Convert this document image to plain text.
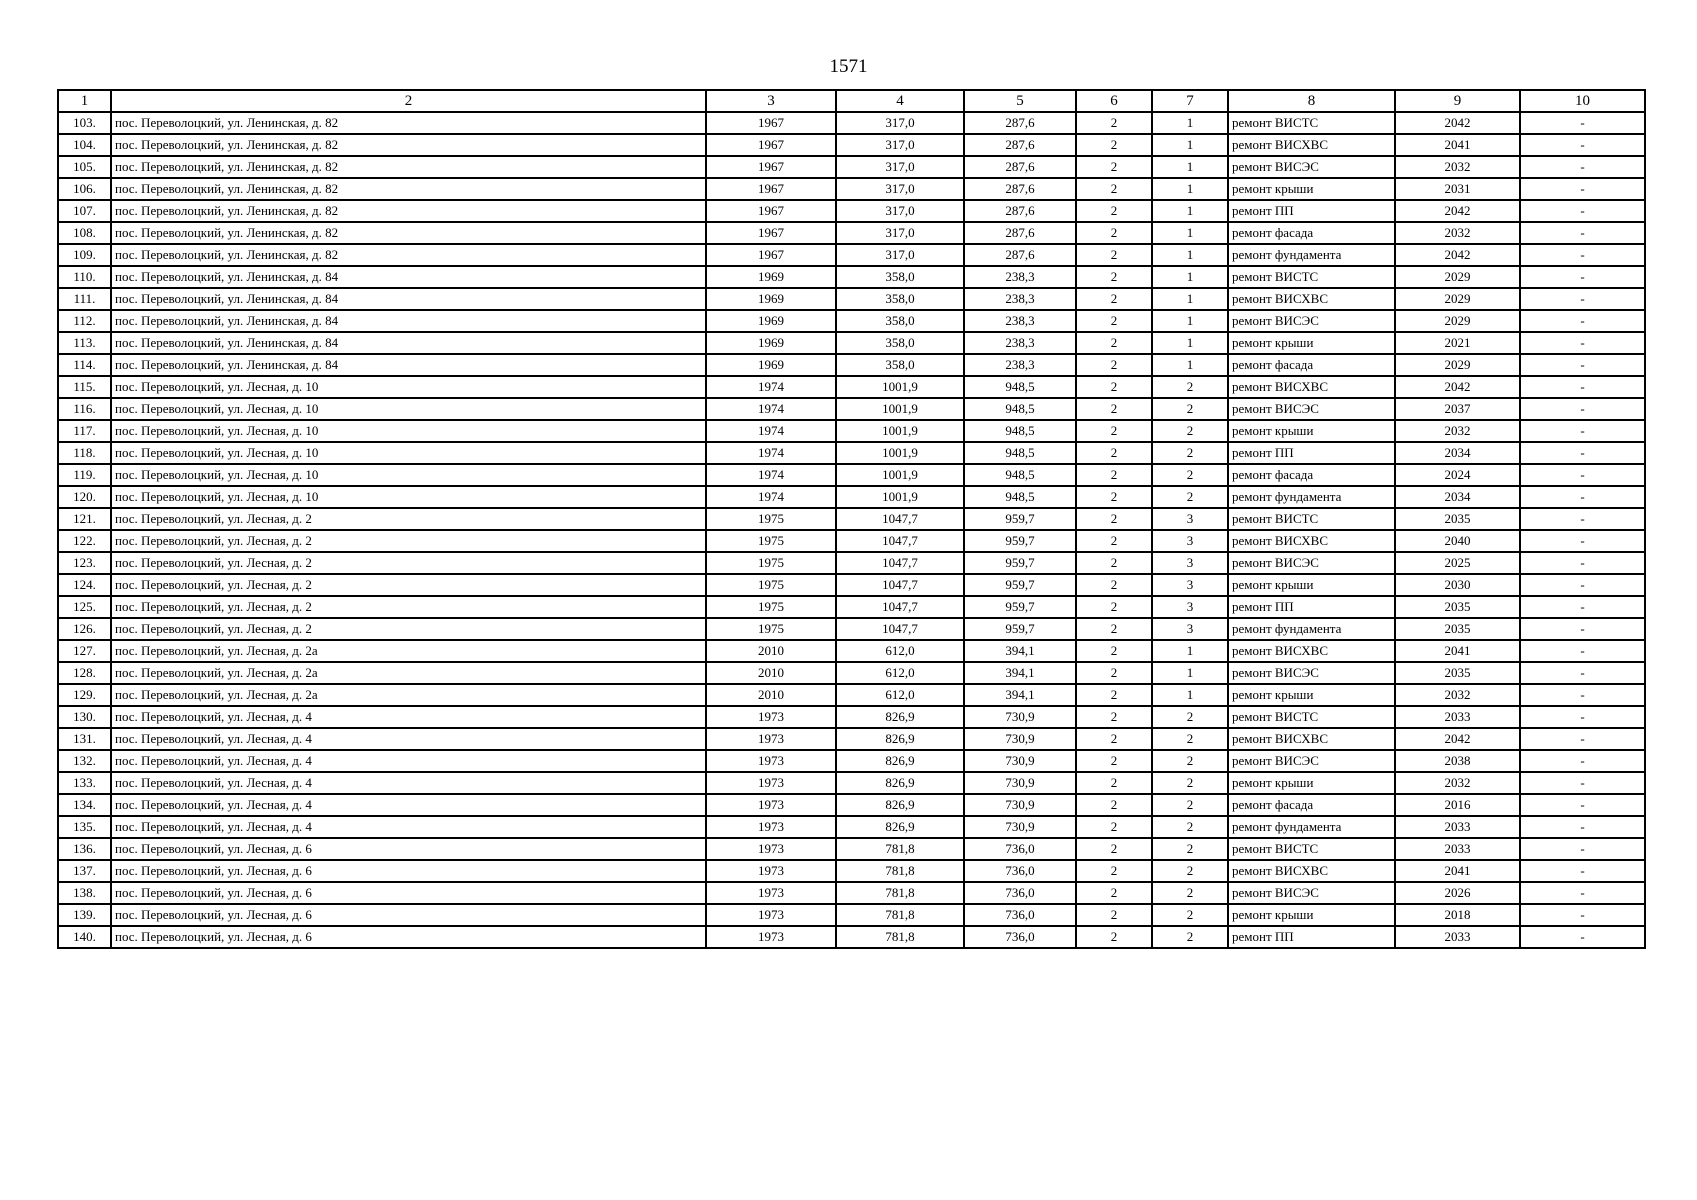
1571
1	2	3	4	5	6	7	8	9	10
103.	пос. Переволоцкий, ул. Ленинская, д. 82	1967	317,0	287,6	2	1	ремонт ВИСТС	2042	-
104.	пос. Переволоцкий, ул. Ленинская, д. 82	1967	317,0	287,6	2	1	ремонт ВИСХВС	2041	-
105.	пос. Переволоцкий, ул. Ленинская, д. 82	1967	317,0	287,6	2	1	ремонт ВИСЭС	2032	-
106.	пос. Переволоцкий, ул. Ленинская, д. 82	1967	317,0	287,6	2	1	ремонт крыши	2031	-
107.	пос. Переволоцкий, ул. Ленинская, д. 82	1967	317,0	287,6	2	1	ремонт ПП	2042	-
108.	пос. Переволоцкий, ул. Ленинская, д. 82	1967	317,0	287,6	2	1	ремонт фасада	2032	-
109.	пос. Переволоцкий, ул. Ленинская, д. 82	1967	317,0	287,6	2	1	ремонт фундамента	2042	-
110.	пос. Переволоцкий, ул. Ленинская, д. 84	1969	358,0	238,3	2	1	ремонт ВИСТС	2029	-
111.	пос. Переволоцкий, ул. Ленинская, д. 84	1969	358,0	238,3	2	1	ремонт ВИСХВС	2029	-
112.	пос. Переволоцкий, ул. Ленинская, д. 84	1969	358,0	238,3	2	1	ремонт ВИСЭС	2029	-
113.	пос. Переволоцкий, ул. Ленинская, д. 84	1969	358,0	238,3	2	1	ремонт крыши	2021	-
114.	пос. Переволоцкий, ул. Ленинская, д. 84	1969	358,0	238,3	2	1	ремонт фасада	2029	-
115.	пос. Переволоцкий, ул. Лесная, д. 10	1974	1001,9	948,5	2	2	ремонт ВИСХВС	2042	-
116.	пос. Переволоцкий, ул. Лесная, д. 10	1974	1001,9	948,5	2	2	ремонт ВИСЭС	2037	-
117.	пос. Переволоцкий, ул. Лесная, д. 10	1974	1001,9	948,5	2	2	ремонт крыши	2032	-
118.	пос. Переволоцкий, ул. Лесная, д. 10	1974	1001,9	948,5	2	2	ремонт ПП	2034	-
119.	пос. Переволоцкий, ул. Лесная, д. 10	1974	1001,9	948,5	2	2	ремонт фасада	2024	-
120.	пос. Переволоцкий, ул. Лесная, д. 10	1974	1001,9	948,5	2	2	ремонт фундамента	2034	-
121.	пос. Переволоцкий, ул. Лесная, д. 2	1975	1047,7	959,7	2	3	ремонт ВИСТС	2035	-
122.	пос. Переволоцкий, ул. Лесная, д. 2	1975	1047,7	959,7	2	3	ремонт ВИСХВС	2040	-
123.	пос. Переволоцкий, ул. Лесная, д. 2	1975	1047,7	959,7	2	3	ремонт ВИСЭС	2025	-
124.	пос. Переволоцкий, ул. Лесная, д. 2	1975	1047,7	959,7	2	3	ремонт крыши	2030	-
125.	пос. Переволоцкий, ул. Лесная, д. 2	1975	1047,7	959,7	2	3	ремонт ПП	2035	-
126.	пос. Переволоцкий, ул. Лесная, д. 2	1975	1047,7	959,7	2	3	ремонт фундамента	2035	-
127.	пос. Переволоцкий, ул. Лесная, д. 2а	2010	612,0	394,1	2	1	ремонт ВИСХВС	2041	-
128.	пос. Переволоцкий, ул. Лесная, д. 2а	2010	612,0	394,1	2	1	ремонт ВИСЭС	2035	-
129.	пос. Переволоцкий, ул. Лесная, д. 2а	2010	612,0	394,1	2	1	ремонт крыши	2032	-
130.	пос. Переволоцкий, ул. Лесная, д. 4	1973	826,9	730,9	2	2	ремонт ВИСТС	2033	-
131.	пос. Переволоцкий, ул. Лесная, д. 4	1973	826,9	730,9	2	2	ремонт ВИСХВС	2042	-
132.	пос. Переволоцкий, ул. Лесная, д. 4	1973	826,9	730,9	2	2	ремонт ВИСЭС	2038	-
133.	пос. Переволоцкий, ул. Лесная, д. 4	1973	826,9	730,9	2	2	ремонт крыши	2032	-
134.	пос. Переволоцкий, ул. Лесная, д. 4	1973	826,9	730,9	2	2	ремонт фасада	2016	-
135.	пос. Переволоцкий, ул. Лесная, д. 4	1973	826,9	730,9	2	2	ремонт фундамента	2033	-
136.	пос. Переволоцкий, ул. Лесная, д. 6	1973	781,8	736,0	2	2	ремонт ВИСТС	2033	-
137.	пос. Переволоцкий, ул. Лесная, д. 6	1973	781,8	736,0	2	2	ремонт ВИСХВС	2041	-
138.	пос. Переволоцкий, ул. Лесная, д. 6	1973	781,8	736,0	2	2	ремонт ВИСЭС	2026	-
139.	пос. Переволоцкий, ул. Лесная, д. 6	1973	781,8	736,0	2	2	ремонт крыши	2018	-
140.	пос. Переволоцкий, ул. Лесная, д. 6	1973	781,8	736,0	2	2	ремонт ПП	2033	-
